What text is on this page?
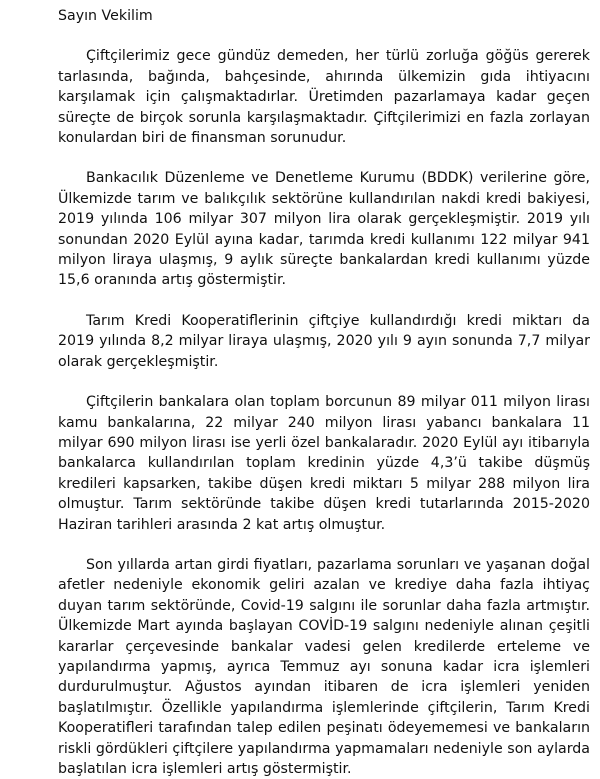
Sayın Vekilim

Çiftçilerimiz gece gündüz demeden, her türlü zorluğa göğüs gererek tarlasında, bağında, bahçesinde, ahırında ülkemizin gıda ihtiyacını karşılamak için çalışmaktadırlar. Üretimden pazarlamaya kadar geçen süreçte de birçok sorunla karşılaşmaktadır. Çiftçilerimizi en fazla zorlayan konulardan biri de finansman sorunudur.

Bankacılık Düzenleme ve Denetleme Kurumu (BDDK) verilerine göre, Ülkemizde tarım ve balıkçılık sektörüne kullandırılan nakdi kredi bakiyesi, 2019 yılında 106 milyar 307 milyon lira olarak gerçekleşmiştir. 2019 yılı sonundan 2020 Eylül ayına kadar, tarımda kredi kullanımı 122 milyar 941 milyon liraya ulaşmış, 9 aylık süreçte bankalardan kredi kullanımı yüzde 15,6 oranında artış göstermiştir.

Tarım Kredi Kooperatiflerinin çiftçiye kullandırdığı kredi miktarı da 2019 yılında 8,2 milyar liraya ulaşmış, 2020 yılı 9 ayın sonunda 7,7 milyar olarak gerçekleşmiştir.

Çiftçilerin bankalara olan toplam borcunun 89 milyar 011 milyon lirası kamu bankalarına, 22 milyar 240 milyon lirası yabancı bankalara 11 milyar 690 milyon lirası ise yerli özel bankalaradır. 2020 Eylül ayı itibarıyla bankalarca kullandırılan toplam kredinin yüzde 4,3’ü takibe düşmüş kredileri kapsarken, takibe düşen kredi miktarı 5 milyar 288 milyon lira olmuştur. Tarım sektöründe takibe düşen kredi tutarlarında 2015-2020 Haziran tarihleri arasında 2 kat artış olmuştur.

Son yıllarda artan girdi fiyatları, pazarlama sorunları ve yaşanan doğal afetler nedeniyle ekonomik geliri azalan ve krediye daha fazla ihtiyaç duyan tarım sektöründe, Covid-19 salgını ile sorunlar daha fazla artmıştır. Ülkemizde Mart ayında başlayan COVİD-19 salgını nedeniyle alınan çeşitli kararlar çerçevesinde bankalar vadesi gelen kredilerde erteleme ve yapılandırma yapmış, ayrıca Temmuz ayı sonuna kadar icra işlemleri durdurulmuştur. Ağustos ayından itibaren de icra işlemleri yeniden başlatılmıştır. Özellikle yapılandırma işlemlerinde çiftçilerin, Tarım Kredi Kooperatifleri tarafından talep edilen peşinatı ödeyememesi ve bankaların riskli gördükleri çiftçilere yapılandırma yapmamaları nedeniyle son aylarda başlatılan icra işlemleri artış göstermiştir.
